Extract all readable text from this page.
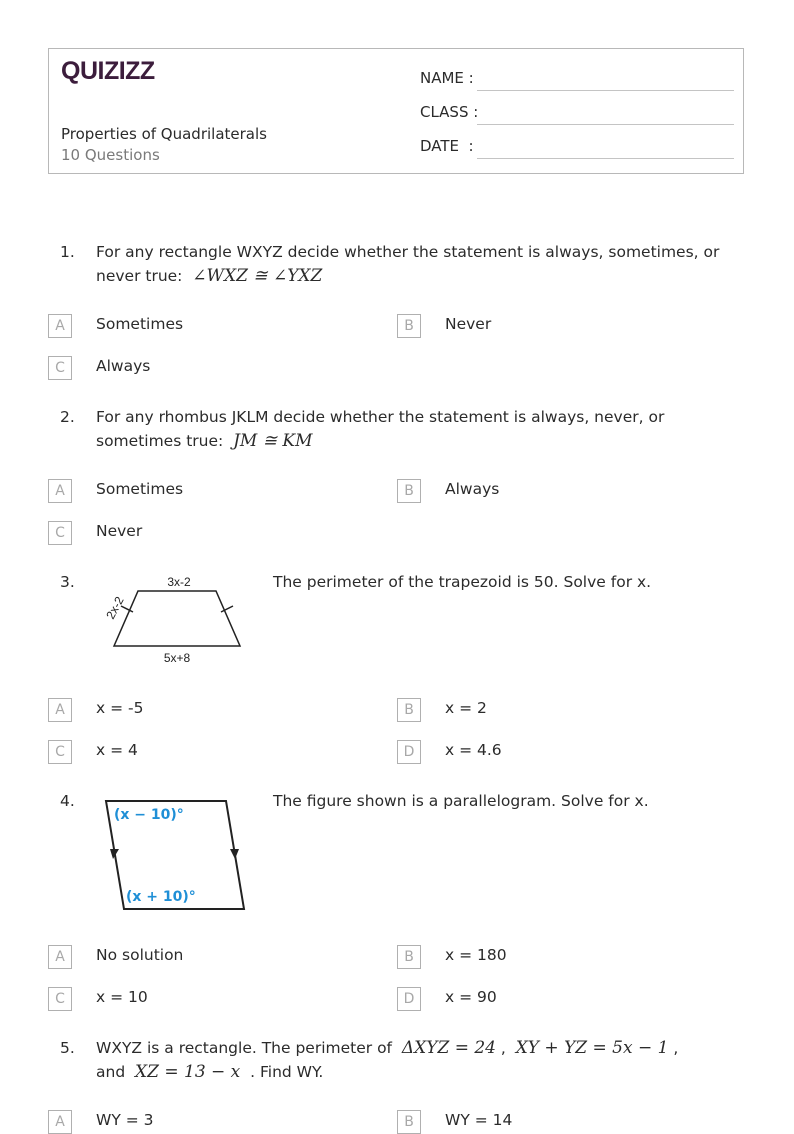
QUIZIZZ
Properties of Quadrilaterals
10 Questions
NAME :
CLASS :
DATE  :
1. For any rectangle WXYZ decide whether the statement is always, sometimes, or never true: ∠WXZ ≅ ∠YXZ
A	Sometimes	B	Never
C	Always
2. For any rhombus JKLM decide whether the statement is always, never, or sometimes true: JM ≅ KM
A	Sometimes	B	Always
C	Never
3.	3x-2
2x-2
5x+8
The perimeter of the trapezoid is 50. Solve for x.
A	x = -5	B	x = 2
C	x = 4	D	x = 4.6
4.
(x − 10)°
(x + 10)°
The figure shown is a parallelogram. Solve for x.
A	No solution	B	x = 180
C	x = 10	D	x = 90
5. WXYZ is a rectangle. The perimeter of ΔXYZ = 24 ,  XY + YZ = 5x − 1 ,
and XZ = 13 − x . Find WY.
A	WY = 3	B	WY = 14
